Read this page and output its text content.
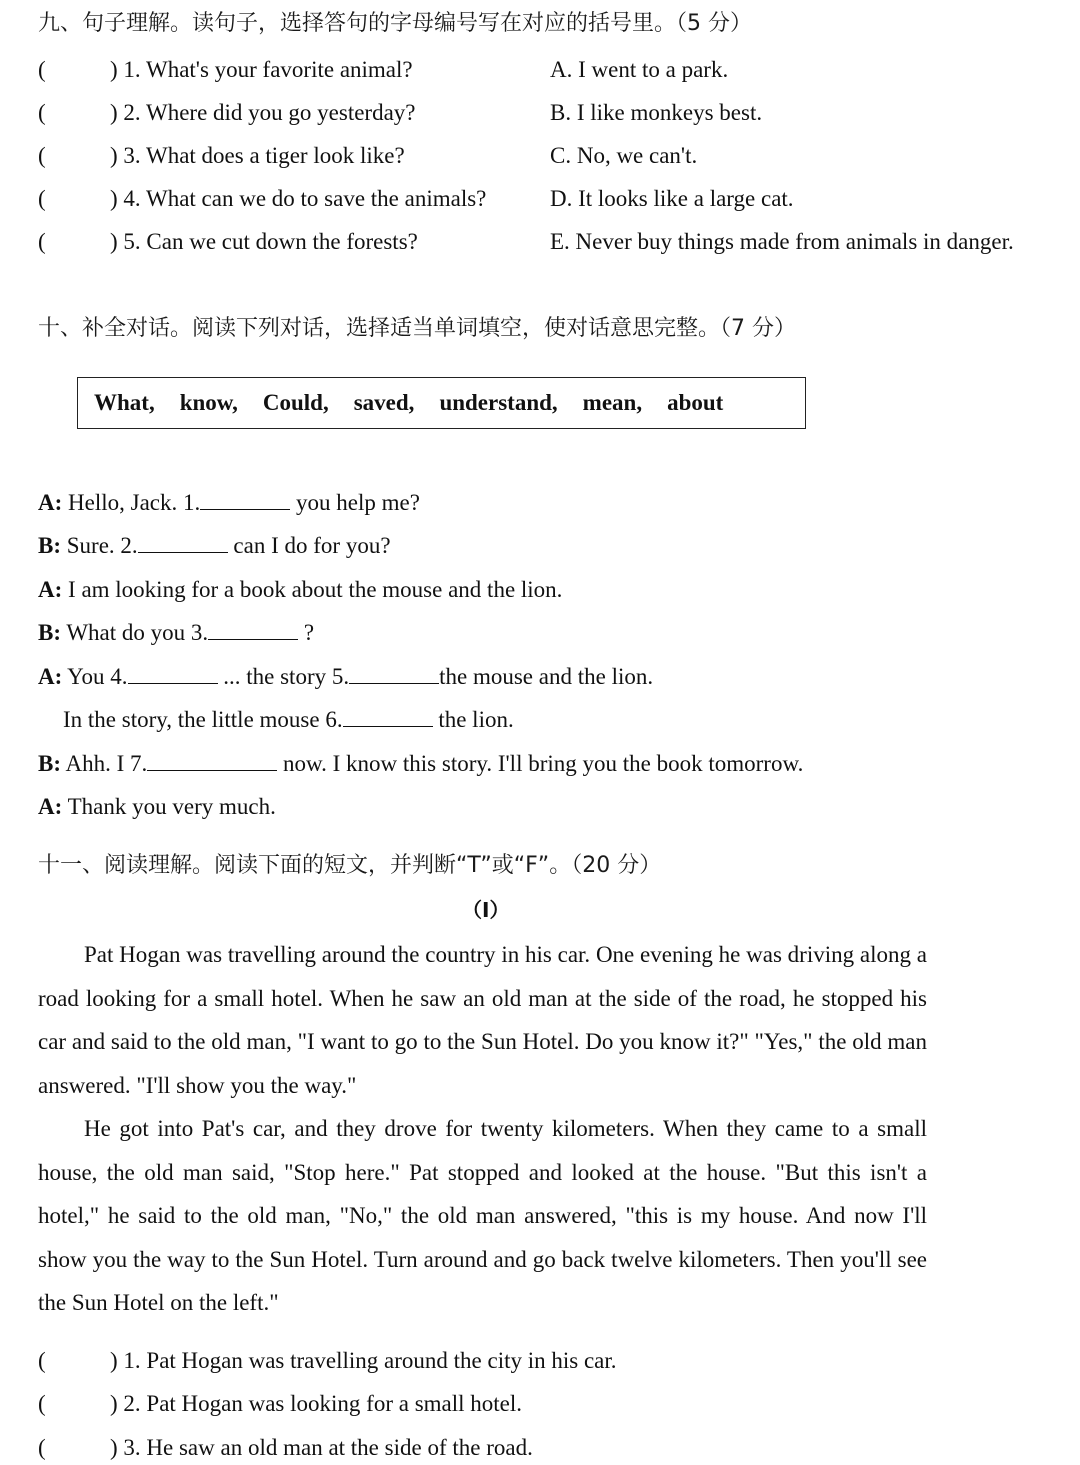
九、句子理解。读句子，选择答句的字母编号写在对应的括号里。（5 分）
(	) 1. What's your favorite animal?	A. I went to a park.
(	) 2. Where did you go yesterday?	B. I like monkeys best.
(	) 3. What does a tiger look like?	C. No, we can't.
(	) 4. What can we do to save the animals?	D. It looks like a large cat.
(	) 5. Can we cut down the forests?	E. Never buy things made from animals in danger.
十、补全对话。阅读下列对话，选择适当单词填空，使对话意思完整。（7 分）
What, know, Could, saved, understand, mean, about
A: Hello, Jack. 1.	you help me?
B: Sure. 2.	can I do for you?
A: I am looking for a book about the mouse and the lion.
B: What do you 3.	?
A: You 4.	... the story 5.	the mouse and the lion.
In the story, the little mouse 6.	the lion.
B: Ahh. I 7.	now. I know this story. I'll bring you the book tomorrow.
A: Thank you very much.
十一、阅读理解。阅读下面的短文，并判断“T”或“F”。（20 分）
（I）

Pat Hogan was travelling around the country in his car. One evening he was driving along a road looking for a small hotel. When he saw an old man at the side of the road, he stopped his car and said to the old man, "I want to go to the Sun Hotel. Do you know it?" "Yes," the old man answered. "I'll show you the way."

He got into Pat's car, and they drove for twenty kilometers. When they came to a small house, the old man said, "Stop here." Pat stopped and looked at the house. "But this isn't a hotel," he said to the old man, "No," the old man answered, "this is my house. And now I'll show you the way to the Sun Hotel. Turn around and go back twelve kilometers. Then you'll see the Sun Hotel on the left."

(	) 1. Pat Hogan was travelling around the city in his car.
(	) 2. Pat Hogan was looking for a small hotel.
(	) 3. He saw an old man at the side of the road.
